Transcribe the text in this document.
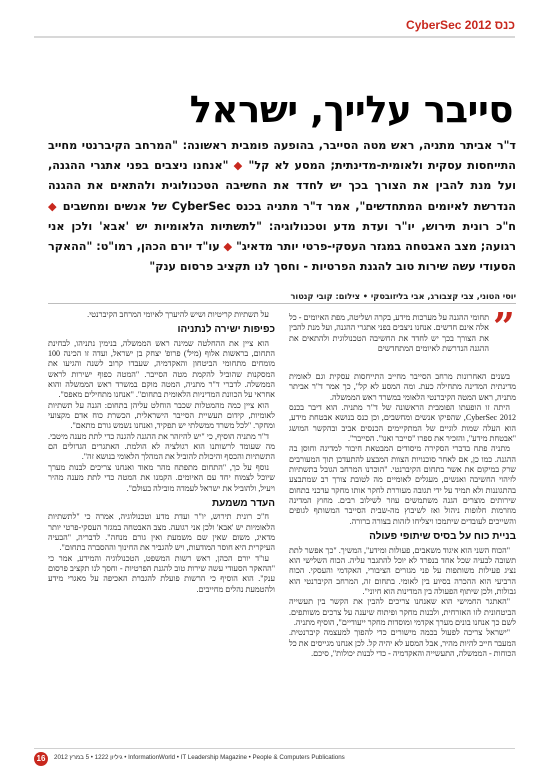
כנס 2012 CyberSec
סייבר עלייך, ישראל

ד"ר אביתר מתניה, ראש מטה הסייבר, בהופעה פומבית ראשונה: "המרחב הקיברנטי מחייב התייחסות עסקית ולאומית-מדינתית; המסע לא קל" ◆ "אנחנו ניצבים בפני אתגרי ההגנה, ועל מנת להבין את הצורך בכך יש לחדד את החשיבה הטכנולוגית ולהתאים את ההגנה הנדרשת לאיומים המתחדשים", אמר ד"ר מתניה בכנס CyberSec של אנשים ומחשבים ◆ ח"כ רונית תירוש, יו"ר ועדת מדע וטכנולוגיה: "לתשתיות הלאומיות יש 'אבא' ולכן אני רגועה; מצב האבטחה במגזר העסקי-פרטי יותר מדאיג" ◆ עו"ד יורם הכהן, רמו"ט: "ההאקר הסעודי עשה שירות טוב להגנת הפרטיות - וחסך לנו תקציב פרסום ענק"

יוסי הטוני, צבי קצבורג, אבי בליזובסקי • צילום: קובי קנטור

בשנים האחרונות מרחב הסייבר מחייב התייחסות עסקית וגם לאומית מדינתית המדינה מתחילה כעת. ומה המסע לא קל", כך אמר ד"ר אביתר מתניה, ראש המטה הקיברנטי הלאומי במשרד ראש הממשלה.

היתה זו הופעתו הפומבית הראשונה של ד"ר מתניה. הוא דיבר בכנס CyberSec 2012, שהפיקו אנשים ומחשבים, וכן כנס בנושא אבטחת מידע, הוא העלה שמות לוגיים של המתקיימים הכנסים אביב ובהקשר המושג "אבטחת מידע", והזכיר את ספרו "סייבר ואנו". הסייבר".

מתניה פתח בדברי הסקירה מיסודים המבטאת חיבור למדינה וחוסן בה ההגנה. כמו כן, אם לאחר סוכנויות הצוות המבצע להתעדכן תוך המעורבים שרק במיקום את אשר בתחום הקיברנטי. "הוכרנו המרחב הגובל בתשתיות לזיהוי החשיבה ואנשים, מעגלים לאומיים מה לטובת צורך רב שמתבצע בהתגוננות ולא תמיד על ידי תגובה מעוררת לחקר אותו מחקר עדכני בתחום שירותים מוצרים הגנה משתמשים עוזר לשילוב רבים. מחוץ המדינה מוזרמות חלופות ניהול ואז לשיבוץ מה-שבית הסייבר המשותף לגופים והשייכים לעובדים שיתמכו ויצליחו לזהות בצורה ברורה.

בניית כוח על בסיס שיתופי פעולה

"הכוח השני הוא איגוד משאבים, פעולות ומידע", המשיך. "כך אפשר לתת תשובה לבעיה שכל אחד בנפרד לא יוכל להתגבר עליה. הכוח השלישי הוא נציג פעילות משותפות על פני מגזרים הציבורי, האקדמי והעסקי. הכוח הרביעי הוא ההכרה בסיוע בין לאומי. בתחום זה, המרחב הקיברנטי הוא גבולות, ולכן שיתוף הפעולה בין המדינות הוא חיוני".

"האתגר החמישי הוא שאנחנו צריכים להבין את הקשר בין תעשייה הביטחונית לזו האזרחית, ולבנות מחקר ופיתוח שיענה על צרכים משותפים. לשם כך אנחנו בונים מערך אקדמי ומוסדות מחקר ייעודיים", הוסיף מתניה.

"ישראל צריכה לפעול בכמה מישורים כדי להפוך למעצמה קיברנטית. המעבר חייב להיות מהיר, אבל המסע לא יהיה קל. לכן אנחנו מגייסים את כל הכוחות - הממשלה, התעשייה והאקדמיה - כדי לבנות יכולות", סיכם.

”
תחומי ההגנה על מערכות מידע, בקרה ושליטה, מפת האיומים - כל אלה אינם חדשים. אנחנו ניצבים בפני אתגרי ההגנה, ועל מנת להבין את הצורך בכך יש לחדד את החשיבה הטכנולוגית ולהתאים את ההגנה הנדרשת לאיומים המתחדשים

על תשתיות קריטיות ושיש להיערך לאיומי המרחב הקיברנטי.

כפיפות ישירה לנתניהו

הוא ציין את ההחלטה שמינה ראש הממשלה, בנימין נתניהו, לבחינת התחום, בראשות אלוף (מיל') פרופ' יצחק בן ישראל, ועדה זו הכינה 100 מומחים מתחומי הביטחון והאקדמיה, שעבדו קרוב לשנה והגיעו את המסקנות שהוביל להקמת מטה הסייבר. "המטה כפוף ישירות לראש הממשלה. לדברי ד"ר מתניה, המטה מוקם במשרד ראש הממשלה והוא אחראי על הכוונת המדיניות הלאומית בתחום". "אנחנו מתחילים מאפס".

הוא ציין כמה מהמטלות שכבר הוחלט עליהן בתחום: הגנה על תשתיות לאומיות, קידום תעשיית הסייבר הישראלית, הכשרת כוח אדם מקצועי ומחקר. "לכל משרד ממשלתי יש תפקיד, ואנחנו נשמש גורם מתאם".

ד"ר מתניה הוסיף, כי "יש להיזהר את ההגנה להגנה כדי לתת מענה מיטבי. מה שעומד לרשותנו הוא רגולציה לא הולמת. האתגרים הגדולים הם התשתיות והכסף והיכולת להוביל את המהלך הלאומי בנושא זה".

נוסף על כך, "התחום מתפתח מהר מאוד ואנחנו צריכים לבנות מערך שיוכל לצמוח יחד עם האיומים. הקמנו את המטה כדי לתת מענה מהיר ויעיל, ולהוביל את ישראל לעמדה מובילה בעולם".

העדר משמעת

ח"כ רונית תירוש, יו"ר ועדת מדע וטכנולוגיה, אמרה כי "לתשתיות הלאומיות יש 'אבא' ולכן אני רגועה. מצב האבטחה במגזר העסקי-פרטי יותר מדאיג, משום שאין שם משמעת ואין גורם מנחה". לדבריה, "הבעיה העיקרית היא חוסר המודעות, ויש להגביר את החינוך וההסברה בתחום".

עו"ד יורם הכהן, ראש רשות המשפט, הטכנולוגיה והמידע, אמר כי "ההאקר הסעודי עשה שירות טוב להגנת הפרטיות - וחסך לנו תקציב פרסום ענק". הוא הוסיף כי הרשות פועלת להגברת האכיפה על מאגרי מידע ולהטמעת נהלים מחייבים.

16	גיליון 1222 • 5 במרץ 2012 • InformationWorld • IT Leadership Magazine • People & Computers Publications
